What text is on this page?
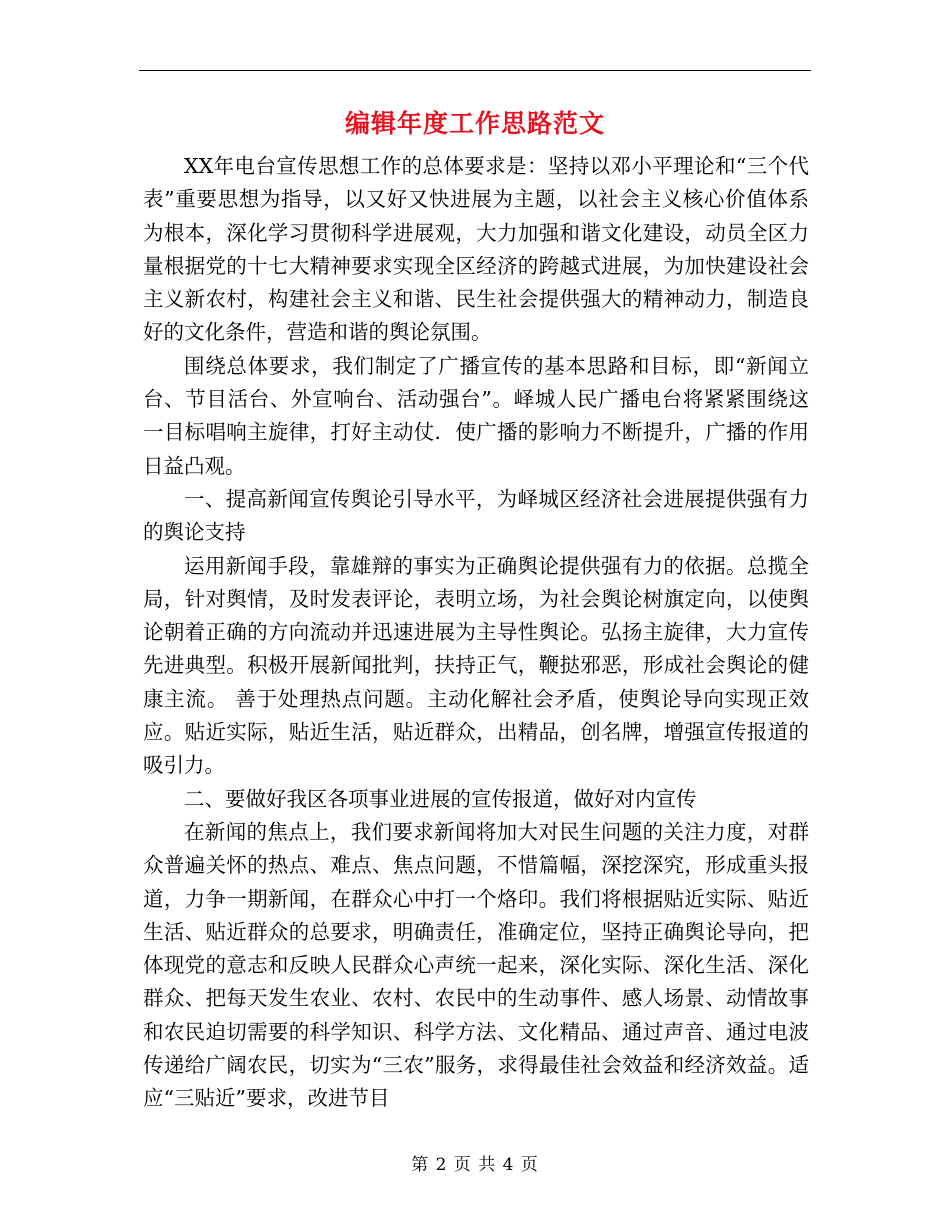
编辑年度工作思路范文

XX年电台宣传思想工作的总体要求是：坚持以邓小平理论和“三个代表”重要思想为指导，以又好又快进展为主题，以社会主义核心价值体系为根本，深化学习贯彻科学进展观，大力加强和谐文化建设，动员全区力量根据党的十七大精神要求实现全区经济的跨越式进展，为加快建设社会主义新农村，构建社会主义和谐、民生社会提供强大的精神动力，制造良好的文化条件，营造和谐的舆论氛围。

围绕总体要求，我们制定了广播宣传的基本思路和目标，即“新闻立台、节目活台、外宣响台、活动强台”。峄城人民广播电台将紧紧围绕这一目标唱响主旋律，打好主动仗．使广播的影响力不断提升，广播的作用日益凸观。

一、提高新闻宣传舆论引导水平，为峄城区经济社会进展提供强有力的舆论支持

运用新闻手段，靠雄辩的事实为正确舆论提供强有力的依据。总揽全局，针对舆情，及时发表评论，表明立场，为社会舆论树旗定向，以使舆论朝着正确的方向流动并迅速进展为主导性舆论。弘扬主旋律，大力宣传先进典型。积极开展新闻批判，扶持正气，鞭挞邪恶，形成社会舆论的健康主流。 善于处理热点问题。主动化解社会矛盾，使舆论导向实现正效应。贴近实际，贴近生活，贴近群众，出精品，创名牌，增强宣传报道的吸引力。

二、要做好我区各项事业进展的宣传报道，做好对内宣传

在新闻的焦点上，我们要求新闻将加大对民生问题的关注力度，对群众普遍关怀的热点、难点、焦点问题，不惜篇幅，深挖深究，形成重头报道，力争一期新闻，在群众心中打一个烙印。我们将根据贴近实际、贴近生活、贴近群众的总要求，明确责任，准确定位，坚持正确舆论导向，把体现党的意志和反映人民群众心声统一起来，深化实际、深化生活、深化群众、把每天发生农业、农村、农民中的生动事件、感人场景、动情故事和农民迫切需要的科学知识、科学方法、文化精品、通过声音、通过电波传递给广阔农民，切实为“三农”服务，求得最佳社会效益和经济效益。适应“三贴近”要求，改进节目

第 2 页 共 4 页
